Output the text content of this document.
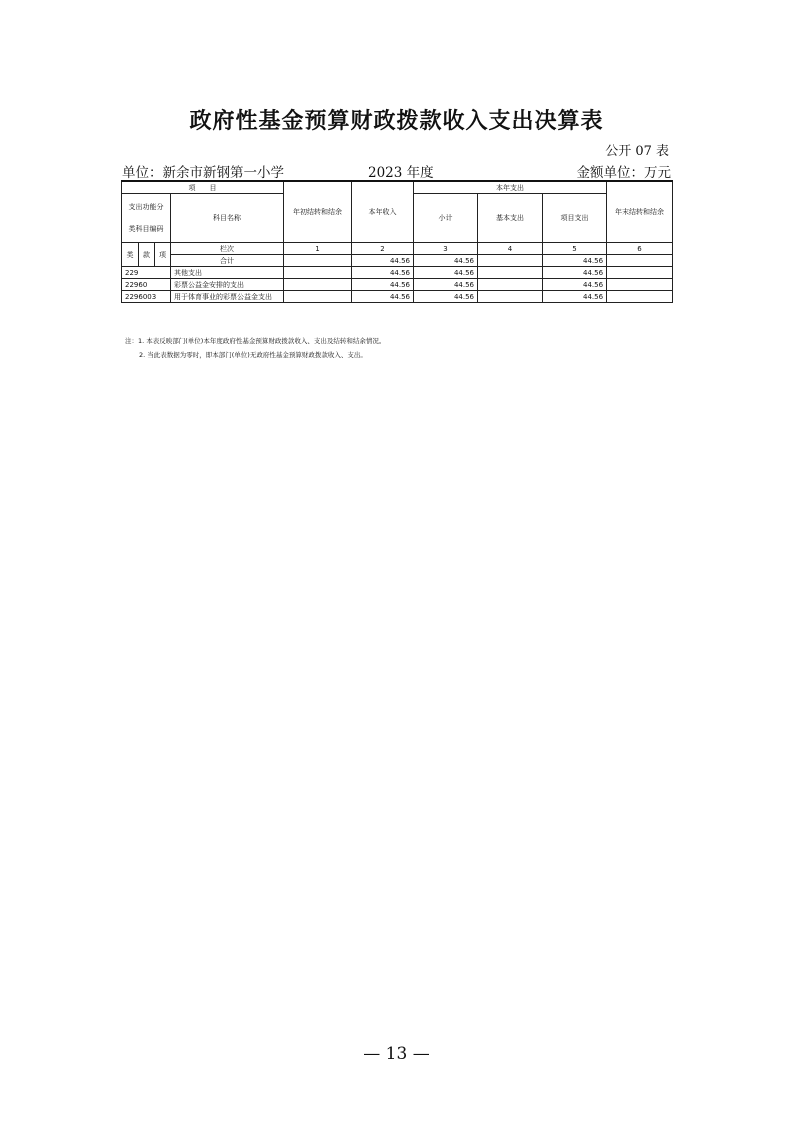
政府性基金预算财政拨款收入支出决算表
公开 07 表
单位：新余市新钢第一小学	2023 年度	金额单位：万元
项　　目				年初结转和结余	本年收入	本年支出			年末结转和结余

支出功能分
类科目编码			科目名称			小计	基本支出	项目支出	

类	款	项	栏次	1	2	3	4	5	6
			合计		44.56	44.56		44.56	
229			其他支出		44.56	44.56		44.56	
22960			彩票公益金安排的支出		44.56	44.56		44.56	
2296003			用于体育事业的彩票公益金支出		44.56	44.56		44.56	
注：1. 本表反映部门(单位)本年度政府性基金预算财政拨款收入、支出及结转和结余情况。
2. 当此表数据为零时，即本部门(单位)无政府性基金预算财政拨款收入、支出。
— 13 —
